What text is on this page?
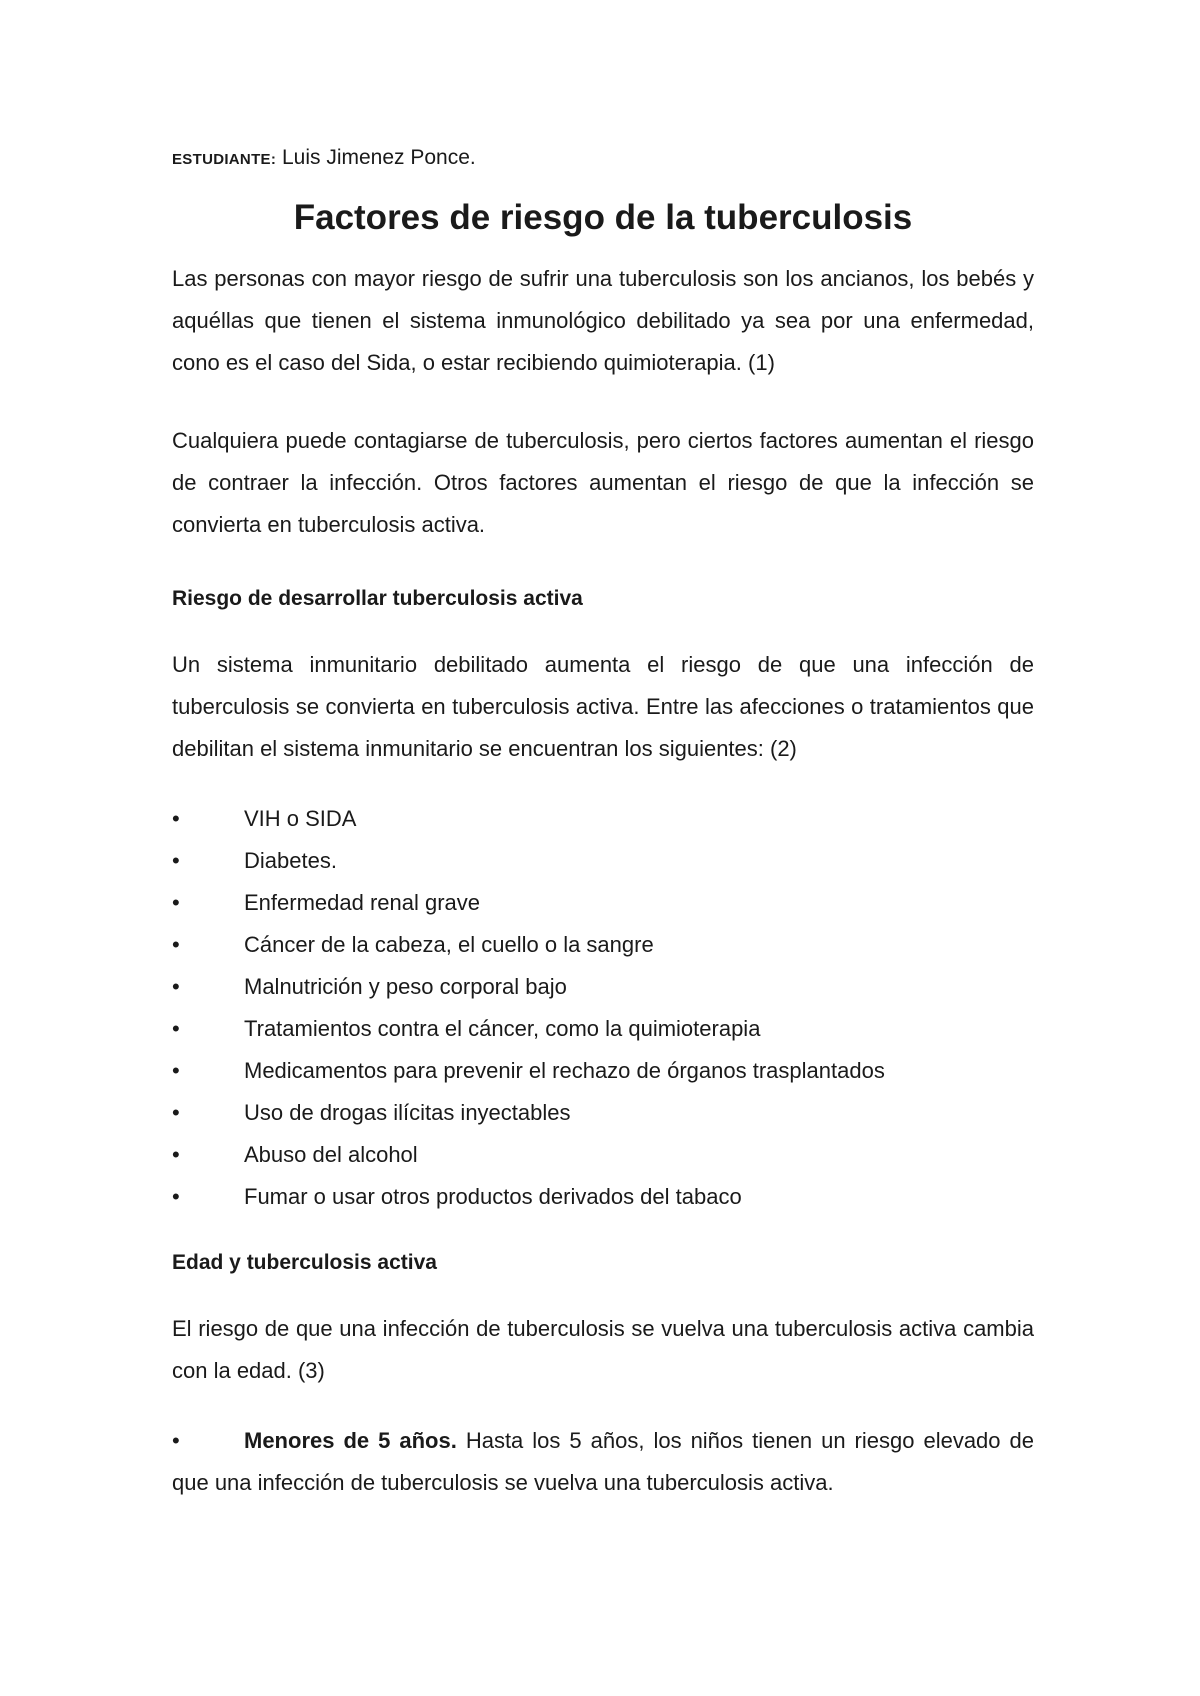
ESTUDIANTE: Luis Jimenez Ponce.

Factores de riesgo de la tuberculosis

Las personas con mayor riesgo de sufrir una tuberculosis son los ancianos, los bebés y aquéllas que tienen el sistema inmunológico debilitado ya sea por una enfermedad, cono es el caso del Sida, o estar recibiendo quimioterapia. (1)

Cualquiera puede contagiarse de tuberculosis, pero ciertos factores aumentan el riesgo de contraer la infección. Otros factores aumentan el riesgo de que la infección se convierta en tuberculosis activa.

Riesgo de desarrollar tuberculosis activa

Un sistema inmunitario debilitado aumenta el riesgo de que una infección de tuberculosis se convierta en tuberculosis activa. Entre las afecciones o tratamientos que debilitan el sistema inmunitario se encuentran los siguientes: (2)

•	VIH o SIDA
•	Diabetes.
•	Enfermedad renal grave
•	Cáncer de la cabeza, el cuello o la sangre
•	Malnutrición y peso corporal bajo
•	Tratamientos contra el cáncer, como la quimioterapia
•	Medicamentos para prevenir el rechazo de órganos trasplantados
•	Uso de drogas ilícitas inyectables
•	Abuso del alcohol
•	Fumar o usar otros productos derivados del tabaco
Edad y tuberculosis activa

El riesgo de que una infección de tuberculosis se vuelva una tuberculosis activa cambia con la edad. (3)

•	Menores de 5 años. Hasta los 5 años, los niños tienen un riesgo elevado de que una infección de tuberculosis se vuelva una tuberculosis activa.
